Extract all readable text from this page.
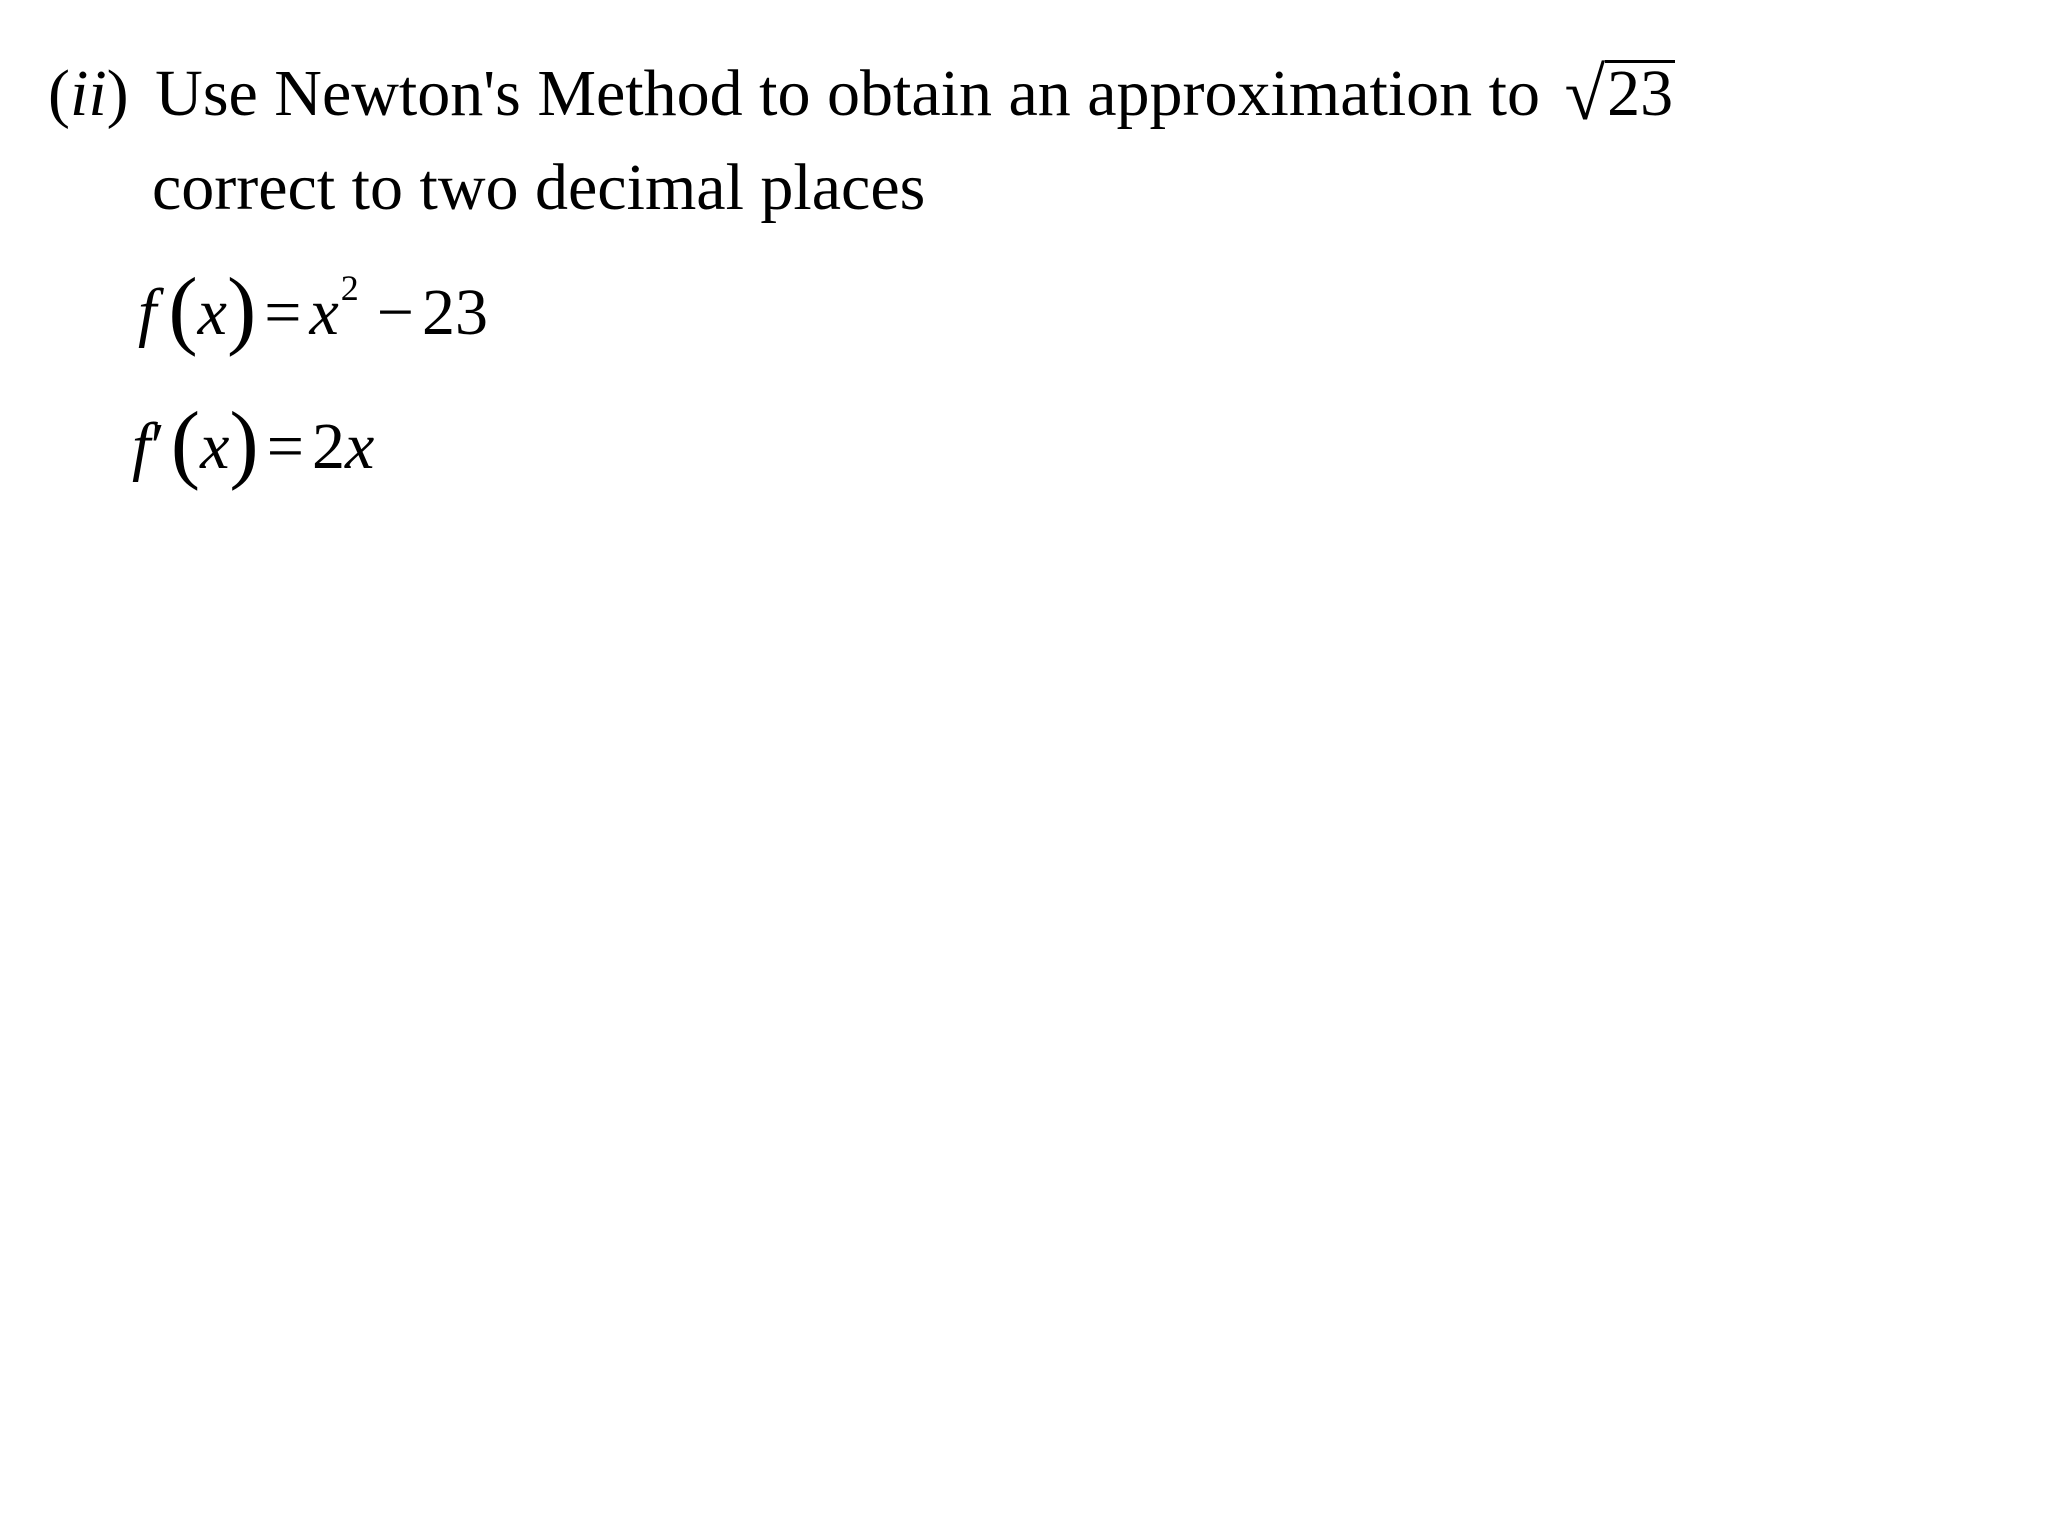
(ii) Use Newton's Method to obtain an approximation to √23
correct to two decimal places
f $(x) = x^2 - 23$
f′(x) = 2x
